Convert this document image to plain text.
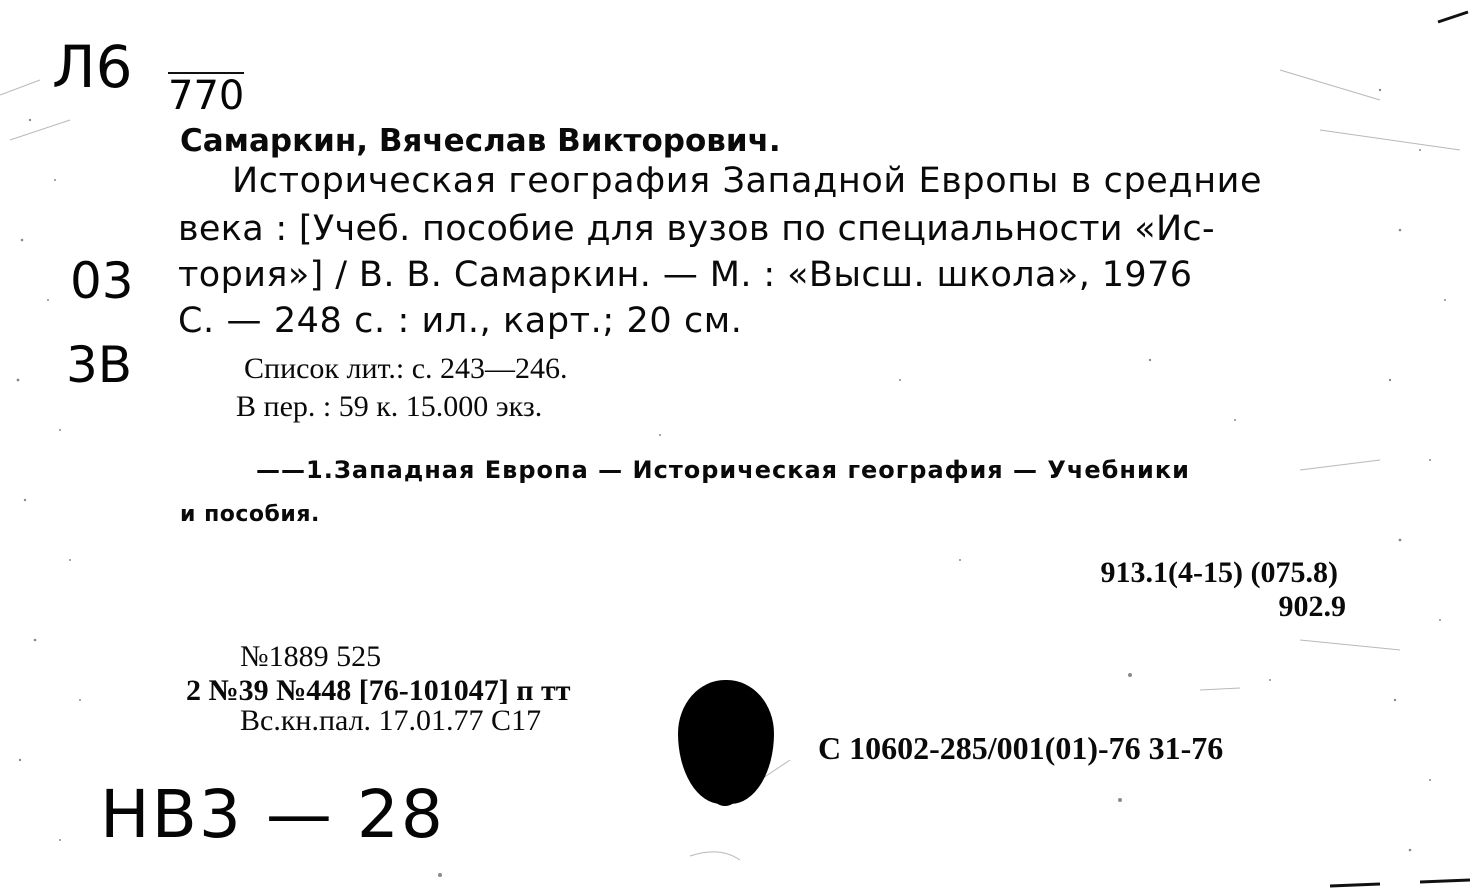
Л6 770
03
3В
НВ3 — 28
Самаркин, Вячеслав Викторович.
Историческая география Западной Европы в средние
века : [Учеб. пособие для вузов по специальности «Ис-
тория»] / В. В. Самаркин. — М. : «Высш. школа», 1976
С. — 248 с. : ил., карт.; 20 см.
Список лит.: с. 243—246.
В пер. : 59 к. 15.000 экз.
——1.Западная Европа — Историческая география — Учебники
и пособия.
913.1(4-15) (075.8)
902.9
№1889 525
2 №39 №448 [76-101047] п тт
Вс.кн.пал. 17.01.77 С17
С 10602-285/001(01)-76 31-76
